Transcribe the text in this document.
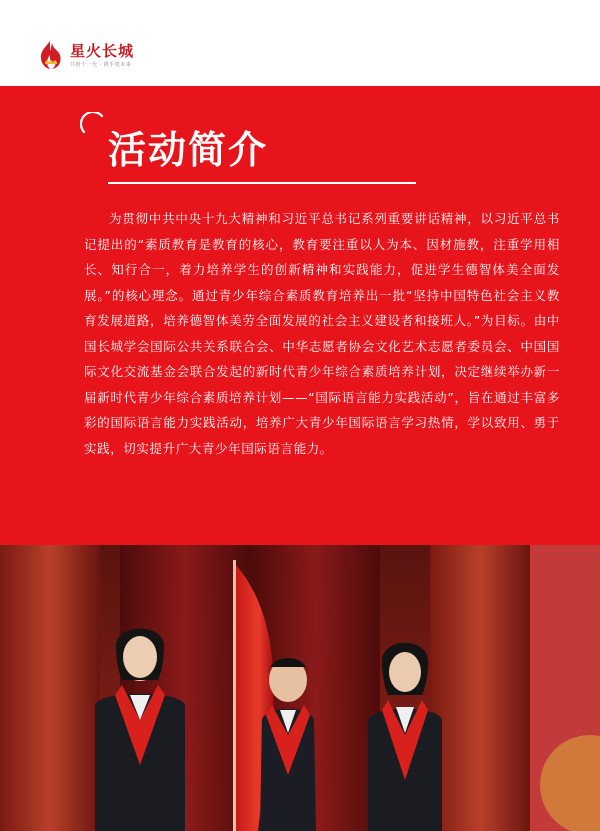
星火长城
共创十一代 · 携手筑未来
活动简介

为贯彻中共中央十九大精神和习近平总书记系列重要讲话精神，以习近平总书记提出的“素质教育是教育的核心，教育要注重以人为本、因材施教，注重学用相长、知行合一，着力培养学生的创新精神和实践能力，促进学生德智体美全面发展。”的核心理念。通过青少年综合素质教育培养出一批“坚持中国特色社会主义教育发展道路，培养德智体美劳全面发展的社会主义建设者和接班人。”为目标。由中国长城学会国际公共关系联合会、中华志愿者协会文化艺术志愿者委员会、中国国际文化交流基金会联合发起的新时代青少年综合素质培养计划，决定继续举办新一届新时代青少年综合素质培养计划——“国际语言能力实践活动”，旨在通过丰富多彩的国际语言能力实践活动，培养广大青少年国际语言学习热情，学以致用、勇于实践，切实提升广大青少年国际语言能力。
